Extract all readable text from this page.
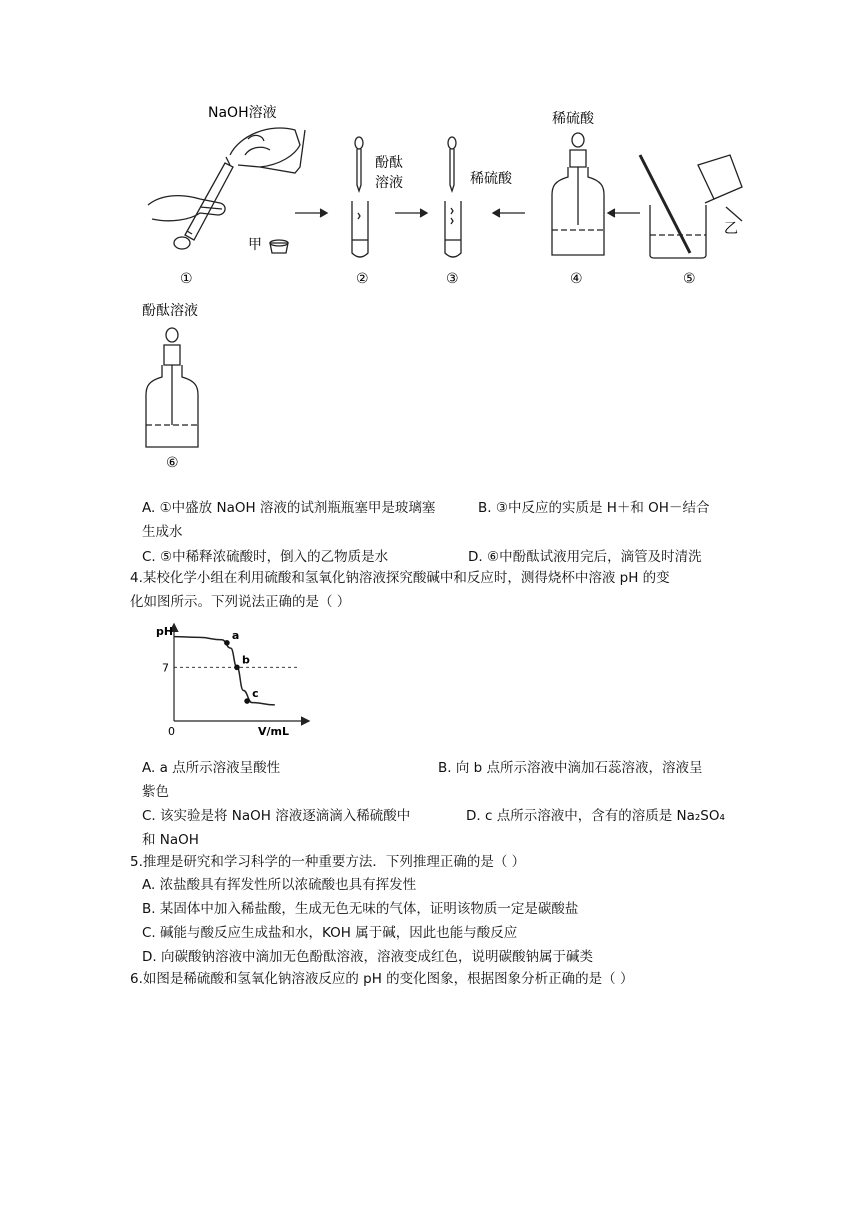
NaOH溶液
酚酞
溶液	稀硫酸
稀硫酸
甲
乙
酚酞溶液
①	②	③	④	⑤
⑥
A. ①中盛放 NaOH 溶液的试剂瓶瓶塞甲是玻璃塞	B. ③中反应的实质是 H＋和 OH－结合
生成水
C. ⑤中稀释浓硫酸时，倒入的乙物质是水	D. ⑥中酚酞试液用完后，滴管及时清洗
4.某校化学小组在利用硫酸和氢氧化钠溶液探究酸碱中和反应时，测得烧杯中溶液 pH 的变
化如图所示。下列说法正确的是（ ）
a
b
c
pH
V/mL
0
7
A. a 点所示溶液呈酸性	B. 向 b 点所示溶液中滴加石蕊溶液，溶液呈
紫色
C. 该实验是将 NaOH 溶液逐滴滴入稀硫酸中	D. c 点所示溶液中，含有的溶质是 Na₂SO₄
和 NaOH
5.推理是研究和学习科学的一种重要方法．下列推理正确的是（ ）
A. 浓盐酸具有挥发性所以浓硫酸也具有挥发性
B. 某固体中加入稀盐酸，生成无色无味的气体，证明该物质一定是碳酸盐
C. 碱能与酸反应生成盐和水，KOH 属于碱，因此也能与酸反应
D. 向碳酸钠溶液中滴加无色酚酞溶液，溶液变成红色，说明碳酸钠属于碱类
6.如图是稀硫酸和氢氧化钠溶液反应的 pH 的变化图象，根据图象分析正确的是（ ）
